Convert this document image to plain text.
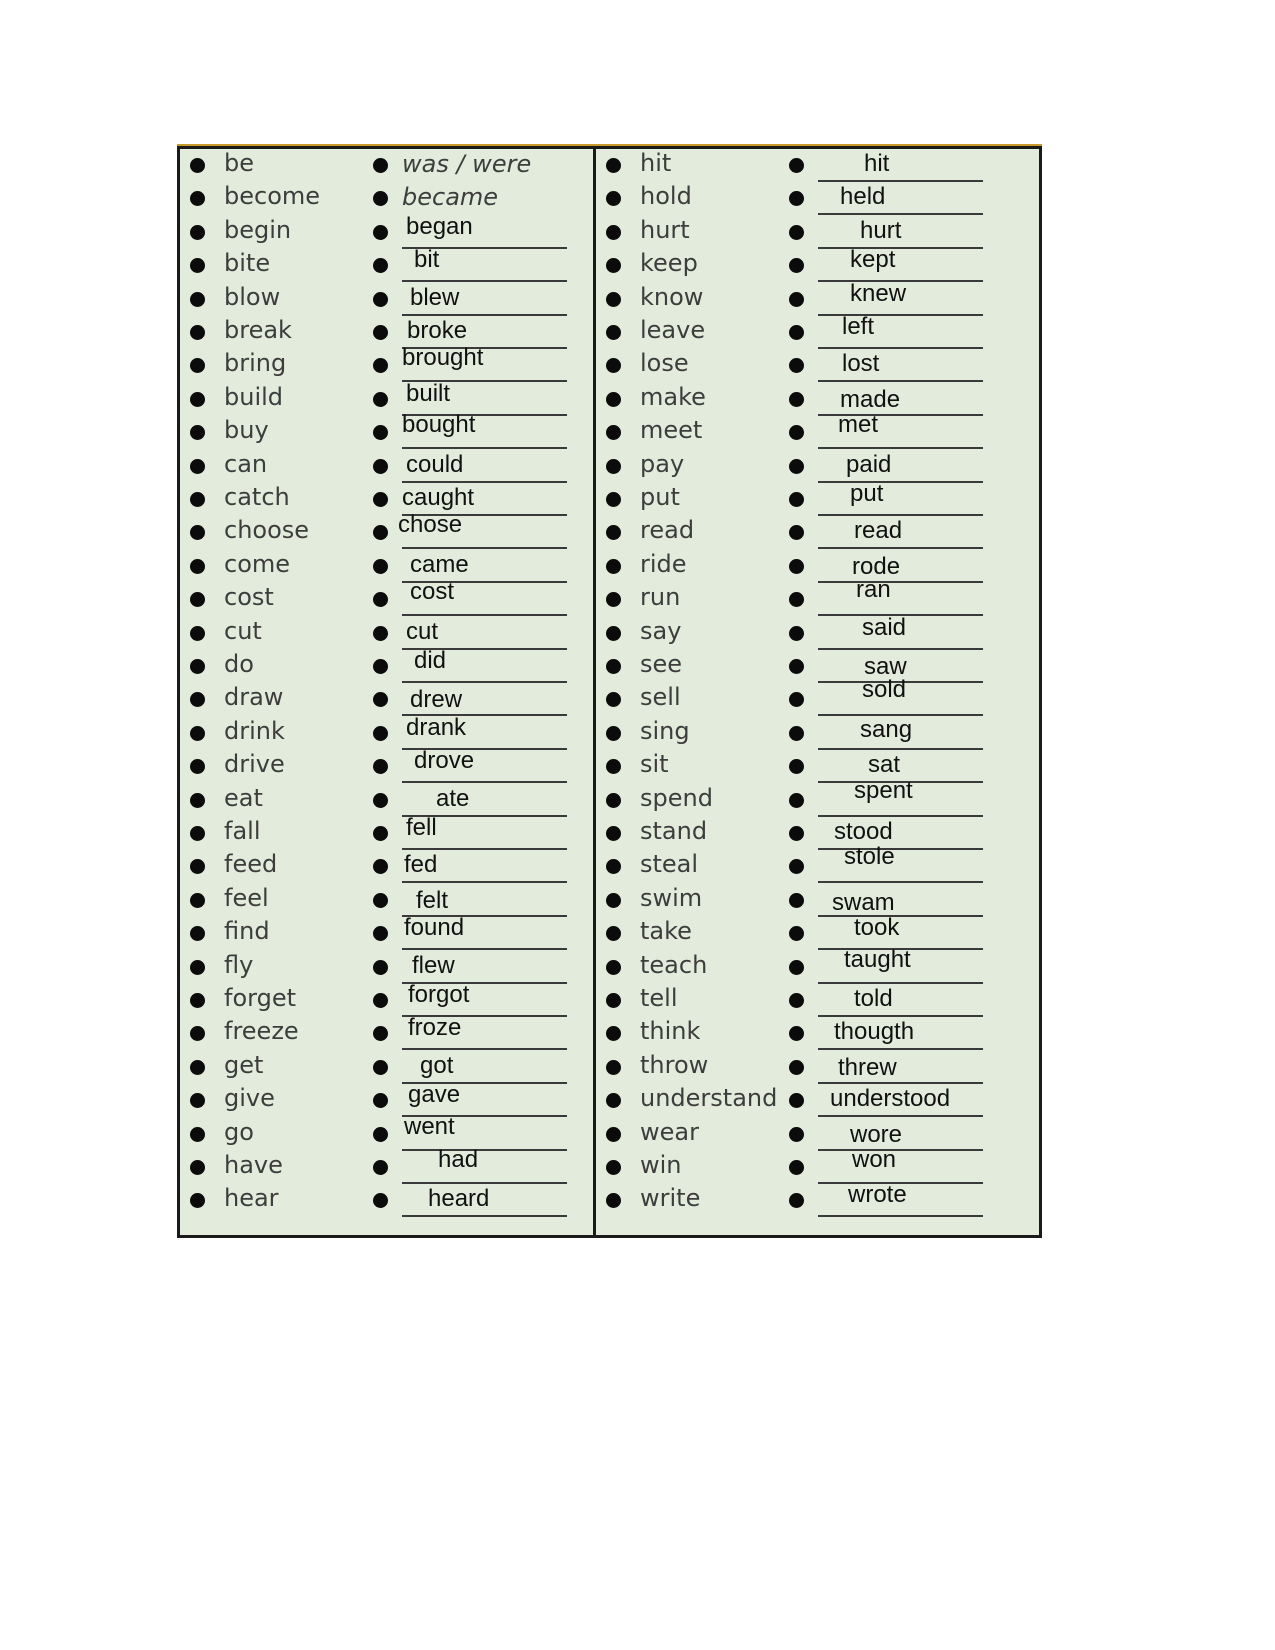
be	was / were
become	became
begin	began
bite	bit
blow	blew
break	broke
bring	brought
build	built
buy	bought
can	could
catch	caught
choose	chose
come	came
cost	cost
cut	cut
do	did
draw	drew
drink	drank
drive	drove
eat	ate
fall	fell
feed	fed
feel	felt
find	found
fly	flew
forget	forgot
freeze	froze
get	got
give	gave
go	went
have	had
hear	heard
hit	hit
hold	held
hurt	hurt
keep	kept
know	knew
leave	left
lose	lost
make	made
meet	met
pay	paid
put	put
read	read
ride	rode
run	ran
say	said
see	saw
sell	sold
sing	sang
sit	sat
spend	spent
stand	stood
steal	stole
swim	swam
take	took
teach	taught
tell	told
think	thougth
throw	threw
understand understood
wear	wore
win	won
write	wrote
